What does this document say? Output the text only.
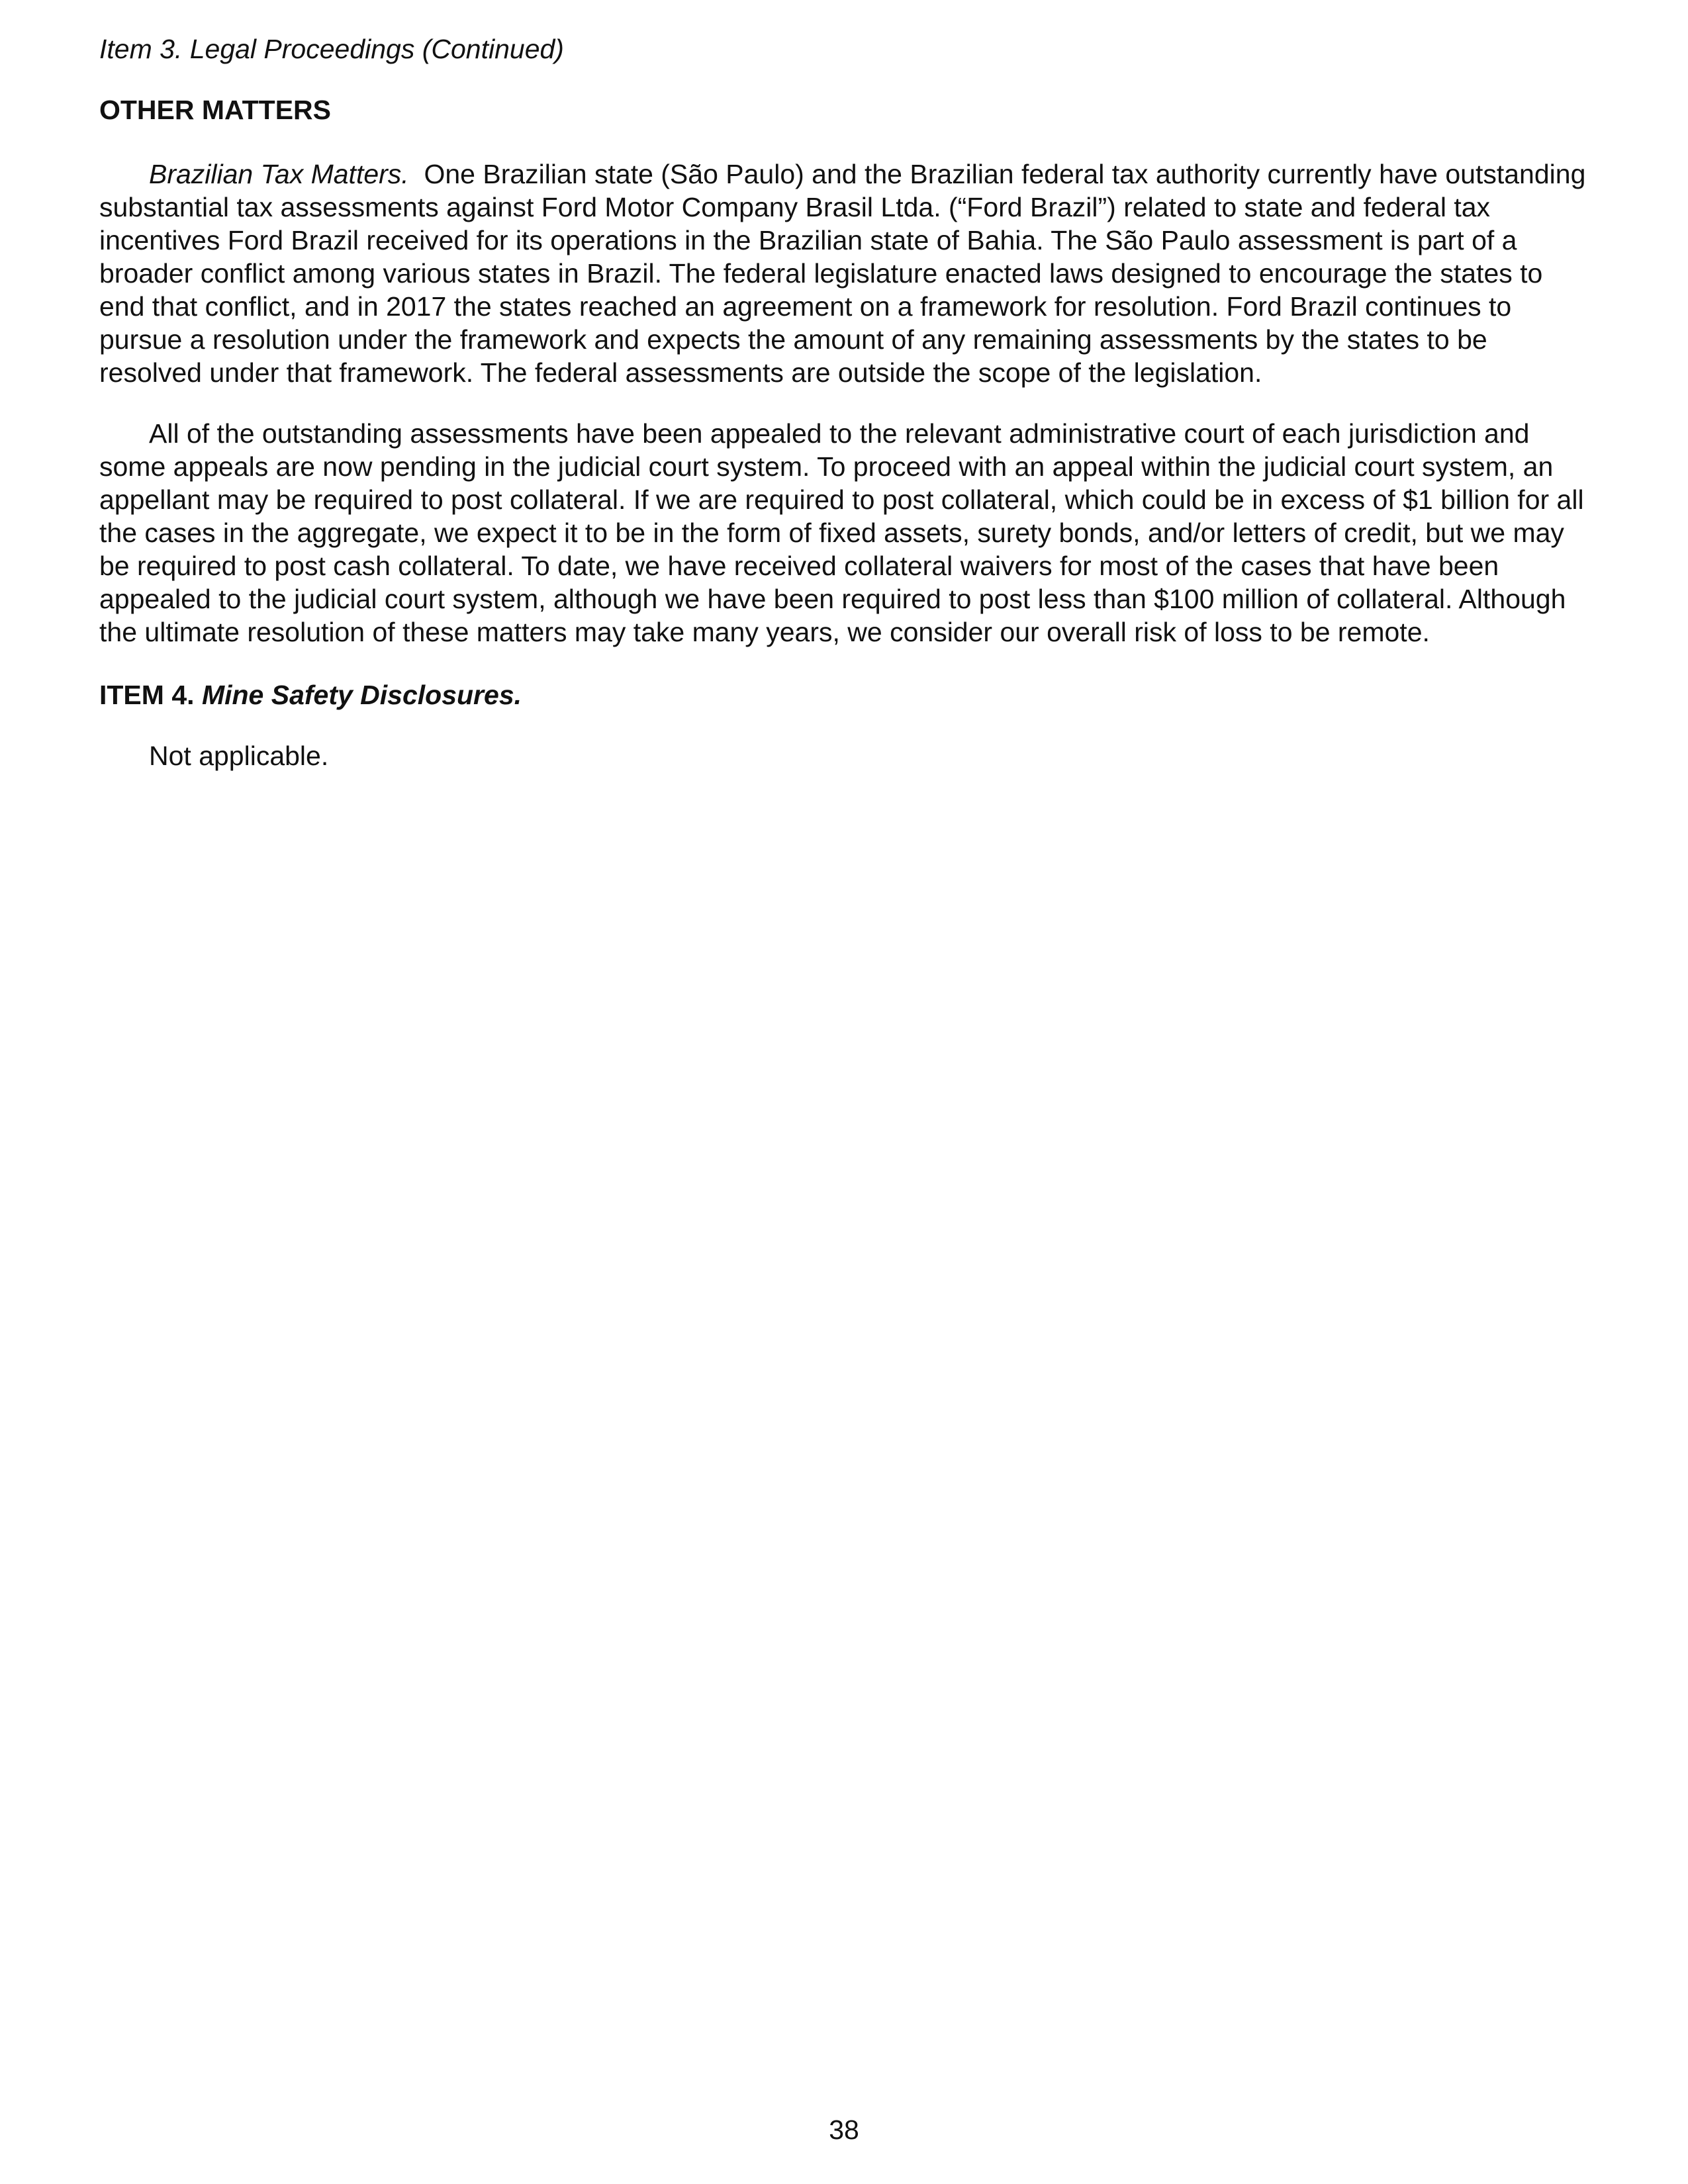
Item 3. Legal Proceedings (Continued)

OTHER MATTERS

Brazilian Tax Matters. One Brazilian state (São Paulo) and the Brazilian federal tax authority currently have outstanding substantial tax assessments against Ford Motor Company Brasil Ltda. (“Ford Brazil”) related to state and federal tax incentives Ford Brazil received for its operations in the Brazilian state of Bahia. The São Paulo assessment is part of a broader conflict among various states in Brazil. The federal legislature enacted laws designed to encourage the states to end that conflict, and in 2017 the states reached an agreement on a framework for resolution. Ford Brazil continues to pursue a resolution under the framework and expects the amount of any remaining assessments by the states to be resolved under that framework. The federal assessments are outside the scope of the legislation.

All of the outstanding assessments have been appealed to the relevant administrative court of each jurisdiction and some appeals are now pending in the judicial court system. To proceed with an appeal within the judicial court system, an appellant may be required to post collateral. If we are required to post collateral, which could be in excess of $1 billion for all the cases in the aggregate, we expect it to be in the form of fixed assets, surety bonds, and/or letters of credit, but we may be required to post cash collateral. To date, we have received collateral waivers for most of the cases that have been appealed to the judicial court system, although we have been required to post less than $100 million of collateral. Although the ultimate resolution of these matters may take many years, we consider our overall risk of loss to be remote.

ITEM 4. Mine Safety Disclosures.

Not applicable.

38
